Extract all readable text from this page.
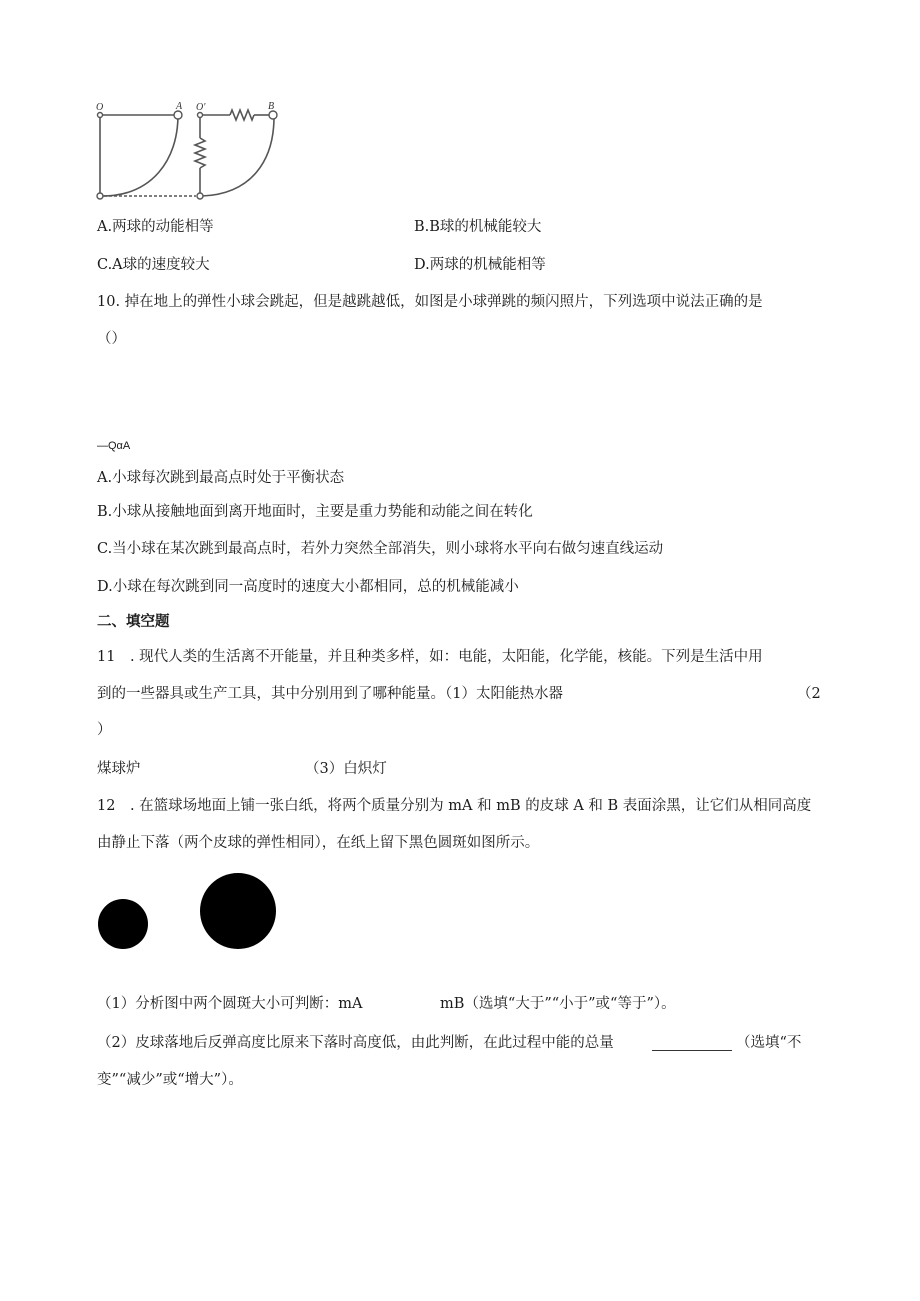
O	A O'	B
A.两球的动能相等	B.B球的机械能较大
C.A球的速度较大	D.两球的机械能相等
10. 掉在地上的弹性小球会跳起，但是越跳越低，如图是小球弹跳的频闪照片，下列选项中说法正确的是
（）
—QαA
A.小球每次跳到最高点时处于平衡状态
B.小球从接触地面到离开地面时，主要是重力势能和动能之间在转化
C.当小球在某次跳到最高点时，若外力突然全部消失，则小球将水平向右做匀速直线运动
D.小球在每次跳到同一高度时的速度大小都相同，总的机械能减小
二、填空题
11　. 现代人类的生活离不开能量，并且种类多样，如：电能，太阳能，化学能，核能。下列是生活中用
到的一些器具或生产工具，其中分别用到了哪种能量。（1）太阳能热水器	（2
）
煤球炉	（3）白炽灯
12　. 在篮球场地面上铺一张白纸，将两个质量分别为 mA 和 mB 的皮球 A 和 B 表面涂黑，让它们从相同高度
由静止下落（两个皮球的弹性相同），在纸上留下黑色圆斑如图所示。
（1）分析图中两个圆斑大小可判断：mA	mB（选填“大于”“小于”或“等于”）。
（2）皮球落地后反弹高度比原来下落时高度低，由此判断，在此过程中能的总量	（选填“不
变”“减少”或“增大”）。
